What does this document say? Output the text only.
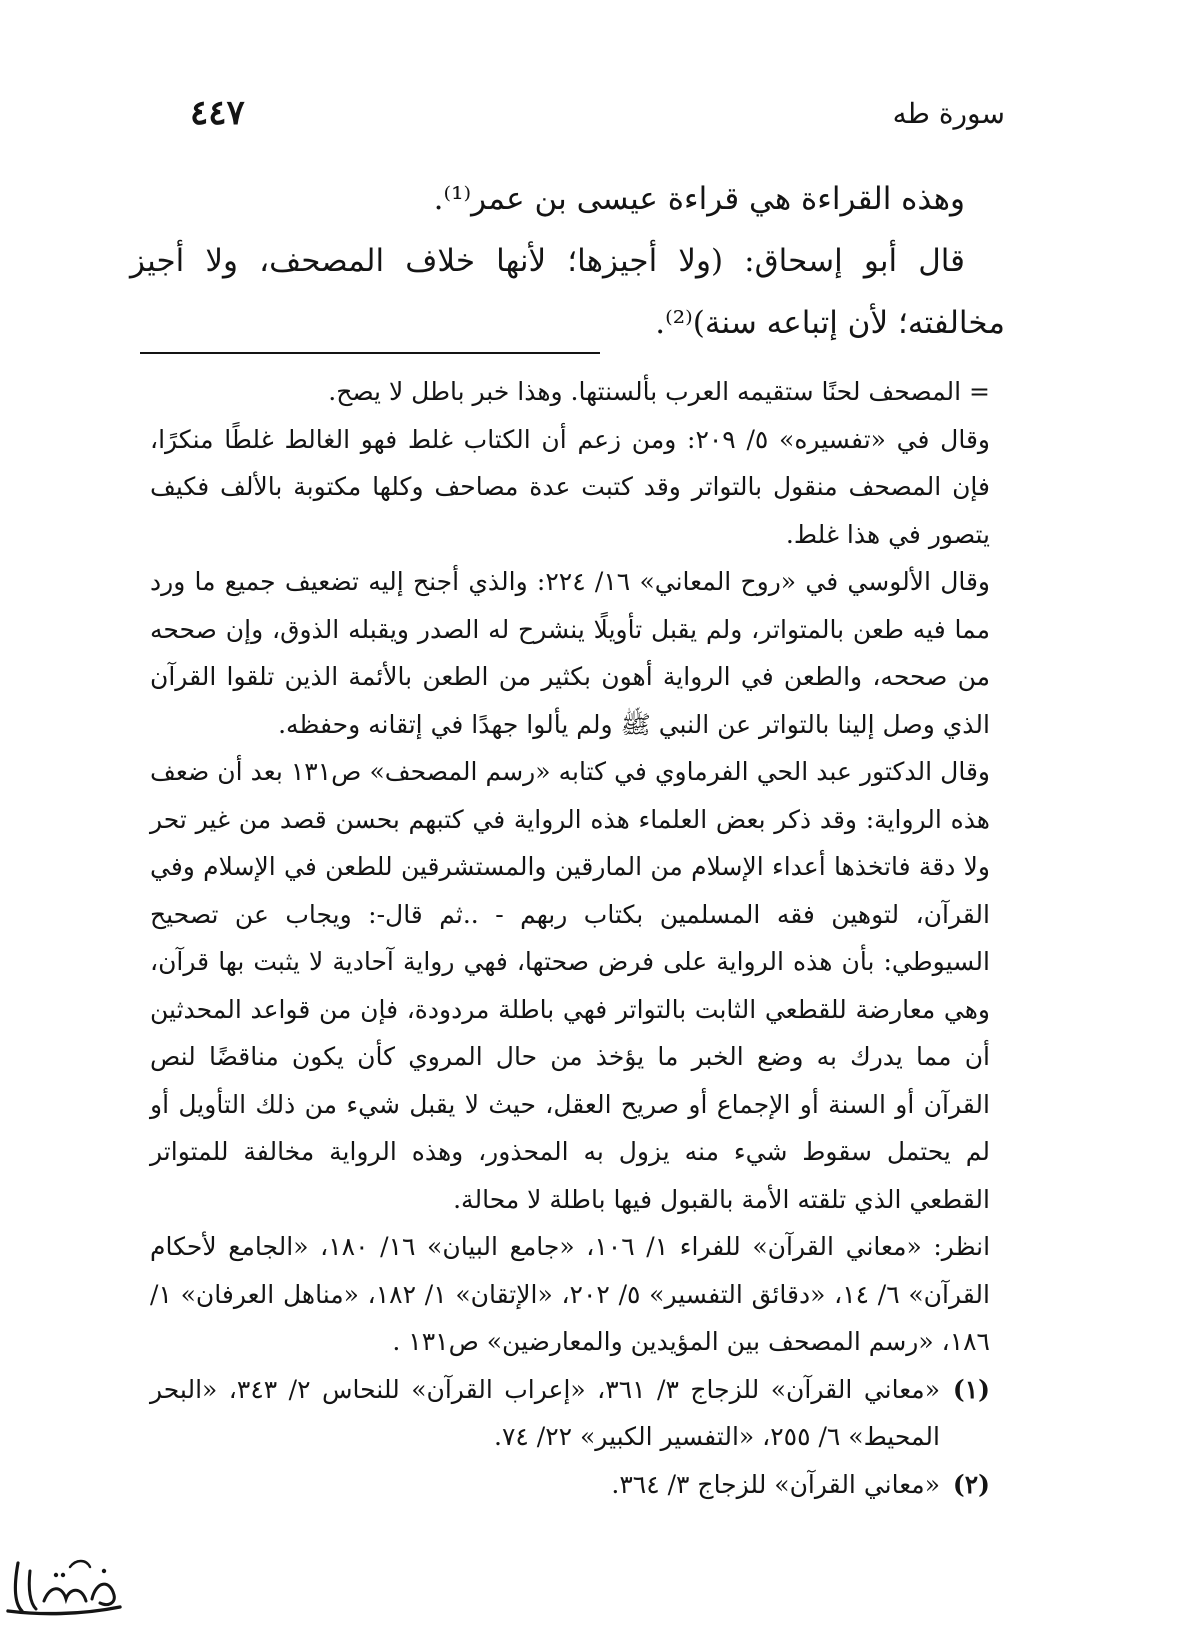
سورة طه
٤٤٧

وهذه القراءة هي قراءة عيسى بن عمر⁽¹⁾.

قال أبو إسحاق: (ولا أجيزها؛ لأنها خلاف المصحف، ولا أجيز مخالفته؛ لأن إتباعه سنة)⁽²⁾.

= المصحف لحنًا ستقيمه العرب بألسنتها. وهذا خبر باطل لا يصح.

وقال في «تفسيره» ٥/ ٢٠٩: ومن زعم أن الكتاب غلط فهو الغالط غلطًا منكرًا، فإن المصحف منقول بالتواتر وقد كتبت عدة مصاحف وكلها مكتوبة بالألف فكيف يتصور في هذا غلط.

وقال الألوسي في «روح المعاني» ١٦/ ٢٢٤: والذي أجنح إليه تضعيف جميع ما ورد مما فيه طعن بالمتواتر، ولم يقبل تأويلًا ينشرح له الصدر ويقبله الذوق، وإن صححه من صححه، والطعن في الرواية أهون بكثير من الطعن بالأئمة الذين تلقوا القرآن الذي وصل إلينا بالتواتر عن النبي ﷺ ولم يألوا جهدًا في إتقانه وحفظه.

وقال الدكتور عبد الحي الفرماوي في كتابه «رسم المصحف» ص١٣١ بعد أن ضعف هذه الرواية: وقد ذكر بعض العلماء هذه الرواية في كتبهم بحسن قصد من غير تحر ولا دقة فاتخذها أعداء الإسلام من المارقين والمستشرقين للطعن في الإسلام وفي القرآن، لتوهين فقه المسلمين بكتاب ربهم - ..ثم قال-: ويجاب عن تصحيح السيوطي: بأن هذه الرواية على فرض صحتها، فهي رواية آحادية لا يثبت بها قرآن، وهي معارضة للقطعي الثابت بالتواتر فهي باطلة مردودة، فإن من قواعد المحدثين أن مما يدرك به وضع الخبر ما يؤخذ من حال المروي كأن يكون مناقضًا لنص القرآن أو السنة أو الإجماع أو صريح العقل، حيث لا يقبل شيء من ذلك التأويل أو لم يحتمل سقوط شيء منه يزول به المحذور، وهذه الرواية مخالفة للمتواتر القطعي الذي تلقته الأمة بالقبول فيها باطلة لا محالة.

انظر: «معاني القرآن» للفراء ١/ ١٠٦، «جامع البيان» ١٦/ ١٨٠، «الجامع لأحكام القرآن» ٦/ ١٤، «دقائق التفسير» ٥/ ٢٠٢، «الإتقان» ١/ ١٨٢، «مناهل العرفان» ١/ ١٨٦، «رسم المصحف بين المؤيدين والمعارضين» ص١٣١ .

(١)
«معاني القرآن» للزجاج ٣/ ٣٦١، «إعراب القرآن» للنحاس ٢/ ٣٤٣، «البحر المحيط» ٦/ ٢٥٥، «التفسير الكبير» ٢٢/ ٧٤.
(٢)
«معاني القرآن» للزجاج ٣/ ٣٦٤.
